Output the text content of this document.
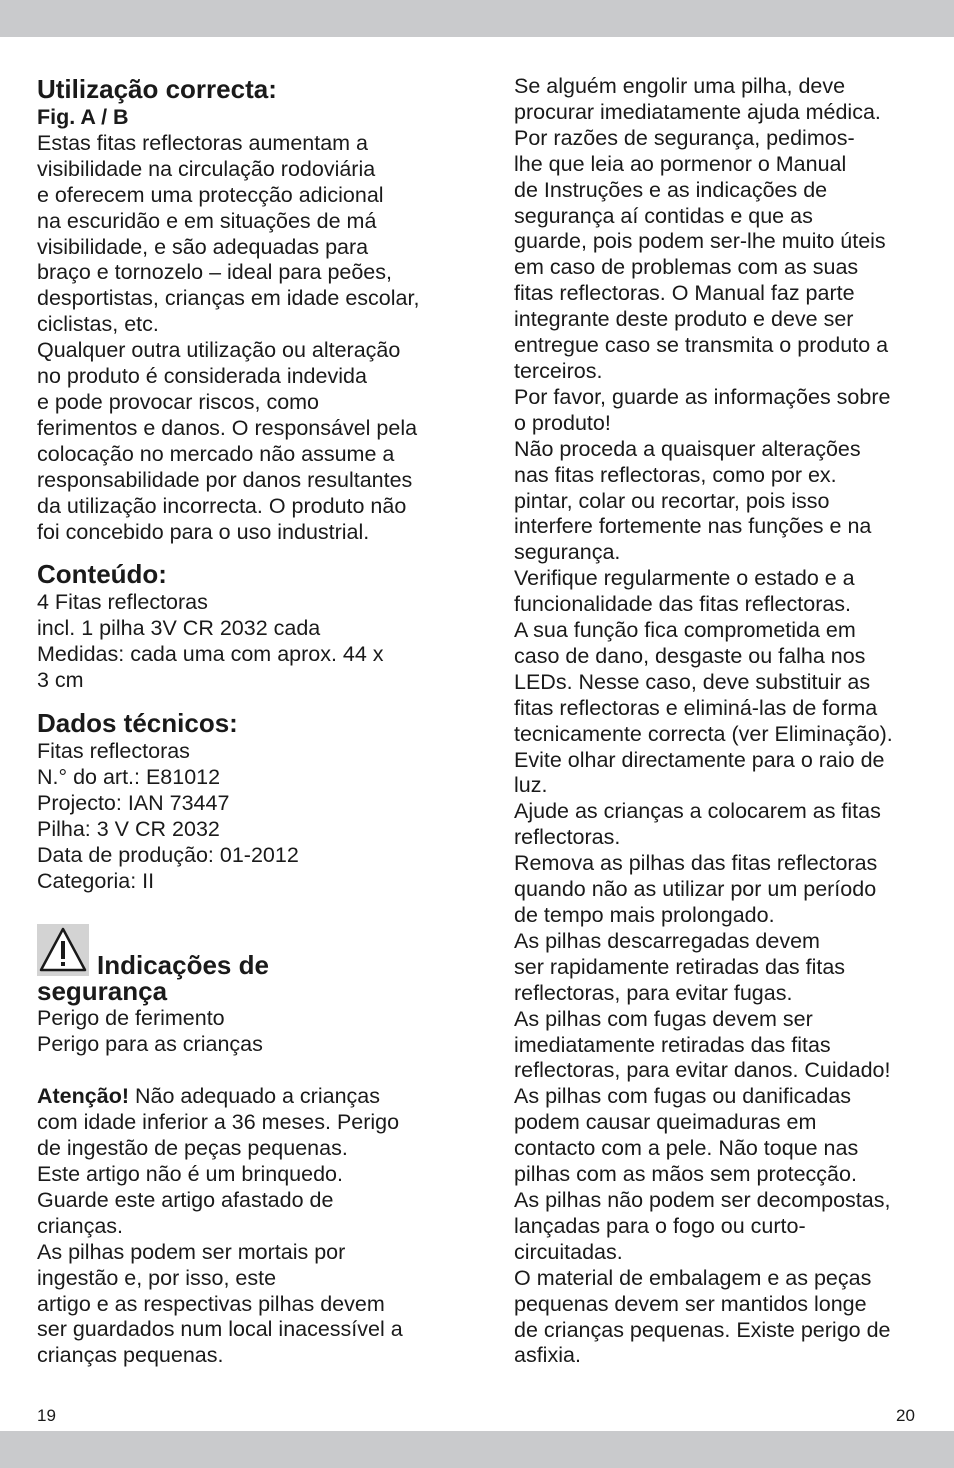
Utilização correcta:
Fig. A / B
Estas fitas reflectoras aumentam a
visibilidade na circulação rodoviária
e oferecem uma protecção adicional
na escuridão e em situações de má
visibilidade, e são adequadas para
braço e tornozelo – ideal para peões,
desportistas, crianças em idade escolar,
ciclistas, etc.
Qualquer outra utilização ou alteração
no produto é considerada indevida
e pode provocar riscos, como
ferimentos e danos. O responsável pela
colocação no mercado não assume a
responsabilidade por danos resultantes
da utilização incorrecta. O produto não
foi concebido para o uso industrial.
Conteúdo:
4 Fitas reflectoras
incl. 1 pilha 3V CR 2032 cada
Medidas: cada uma com aprox. 44 x
3 cm
Dados técnicos:
Fitas reflectoras
N.° do art.: E81012
Projecto: IAN 73447
Pilha: 3 V CR 2032
Data de produção: 01-2012
Categoria: II
Indicações de
segurança
Perigo de ferimento
Perigo para as crianças
Atenção! Não adequado a crianças
com idade inferior a 36 meses. Perigo
de ingestão de peças pequenas.
Este artigo não é um brinquedo.
Guarde este artigo afastado de
crianças.
As pilhas podem ser mortais por
ingestão e, por isso, este
artigo e as respectivas pilhas devem
ser guardados num local inacessível a
crianças pequenas.
Se alguém engolir uma pilha, deve
procurar imediatamente ajuda médica.
Por razões de segurança, pedimos-
lhe que leia ao pormenor o Manual
de Instruções e as indicações de
segurança aí contidas e que as
guarde, pois podem ser-lhe muito úteis
em caso de problemas com as suas
fitas reflectoras. O Manual faz parte
integrante deste produto e deve ser
entregue caso se transmita o produto a
terceiros.
Por favor, guarde as informações sobre
o produto!
Não proceda a quaisquer alterações
nas fitas reflectoras, como por ex.
pintar, colar ou recortar, pois isso
interfere fortemente nas funções e na
segurança.
Verifique regularmente o estado e a
funcionalidade das fitas reflectoras.
A sua função fica comprometida em
caso de dano, desgaste ou falha nos
LEDs. Nesse caso, deve substituir as
fitas reflectoras e eliminá-las de forma
tecnicamente correcta (ver Eliminação).
Evite olhar directamente para o raio de
luz.
Ajude as crianças a colocarem as fitas
reflectoras.
Remova as pilhas das fitas reflectoras
quando não as utilizar por um período
de tempo mais prolongado.
As pilhas descarregadas devem
ser rapidamente retiradas das fitas
reflectoras, para evitar fugas.
As pilhas com fugas devem ser
imediatamente retiradas das fitas
reflectoras, para evitar danos. Cuidado!
As pilhas com fugas ou danificadas
podem causar queimaduras em
contacto com a pele. Não toque nas
pilhas com as mãos sem protecção.
As pilhas não podem ser decompostas,
lançadas para o fogo ou curto-
circuitadas.
O material de embalagem e as peças
pequenas devem ser mantidos longe
de crianças pequenas. Existe perigo de
asfixia.
19	20
